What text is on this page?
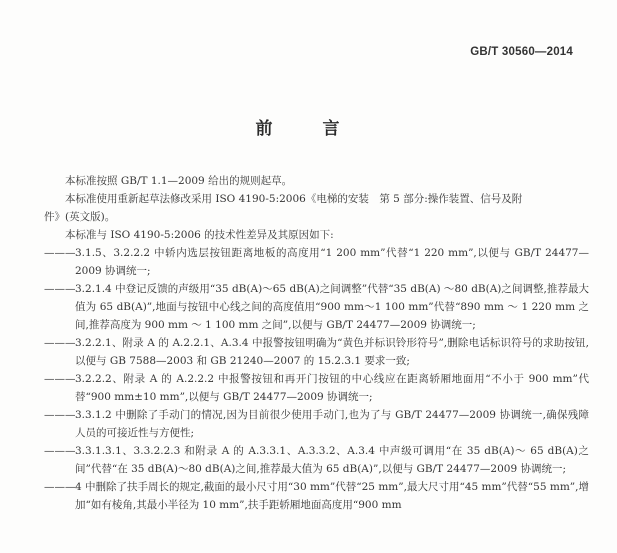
GB/T 30560—2014
前 言

本标准按照 GB/T 1.1—2009 给出的规则起草。

本标准使用重新起草法修改采用 ISO 4190-5:2006《电梯的安装　第 5 部分:操作装置、信号及附

件》(英文版)。

本标准与 ISO 4190-5:2006 的技术性差异及其原因如下:

——— 3.1.5、3.2.2.2 中轿内选层按钮距离地板的高度用“1 200 mm”代替“1 220 mm”,以便与 GB/T 24477—2009 协调统一;
——— 3.2.1.4 中登记反馈的声级用“35 dB(A)～65 dB(A)之间调整”代替“35 dB(A) ～80 dB(A)之间调整,推荐最大值为 65 dB(A)”,地面与按钮中心线之间的高度值用“900 mm～1 100 mm”代替“890 mm ～ 1 220 mm 之间,推荐高度为 900 mm ～ 1 100 mm 之间”,以便与 GB/T 24477—2009 协调统一;
——— 3.2.2.1、附录 A 的 A.2.2.1、A.3.4 中报警按钮明确为“黄色并标识铃形符号”,删除电话标识符号的求助按钮,以便与 GB 7588—2003 和 GB 21240—2007 的 15.2.3.1 要求一致;
——— 3.2.2.2、附录 A 的 A.2.2.2 中报警按钮和再开门按钮的中心线应在距离轿厢地面用“不小于 900 mm”代替“900 mm±10 mm”,以便与 GB/T 24477—2009 协调统一;
——— 3.3.1.2 中删除了手动门的情况,因为目前很少使用手动门,也为了与 GB/T 24477—2009 协调统一,确保残障人员的可接近性与方便性;
——— 3.3.1.3.1、3.3.2.2.3 和附录 A 的 A.3.3.1、A.3.3.2、A.3.4 中声级可调用“在 35 dB(A)～ 65 dB(A)之间”代替“在 35 dB(A)～80 dB(A)之间,推荐最大值为 65 dB(A)”,以便与 GB/T 24477—2009 协调统一;
——— 4 中删除了扶手周长的规定,截面的最小尺寸用“30 mm”代替“25 mm”,最大尺寸用“45 mm”代替“55 mm”,增加“如有棱角,其最小半径为 10 mm”,扶手距轿厢地面高度用“900 mm
